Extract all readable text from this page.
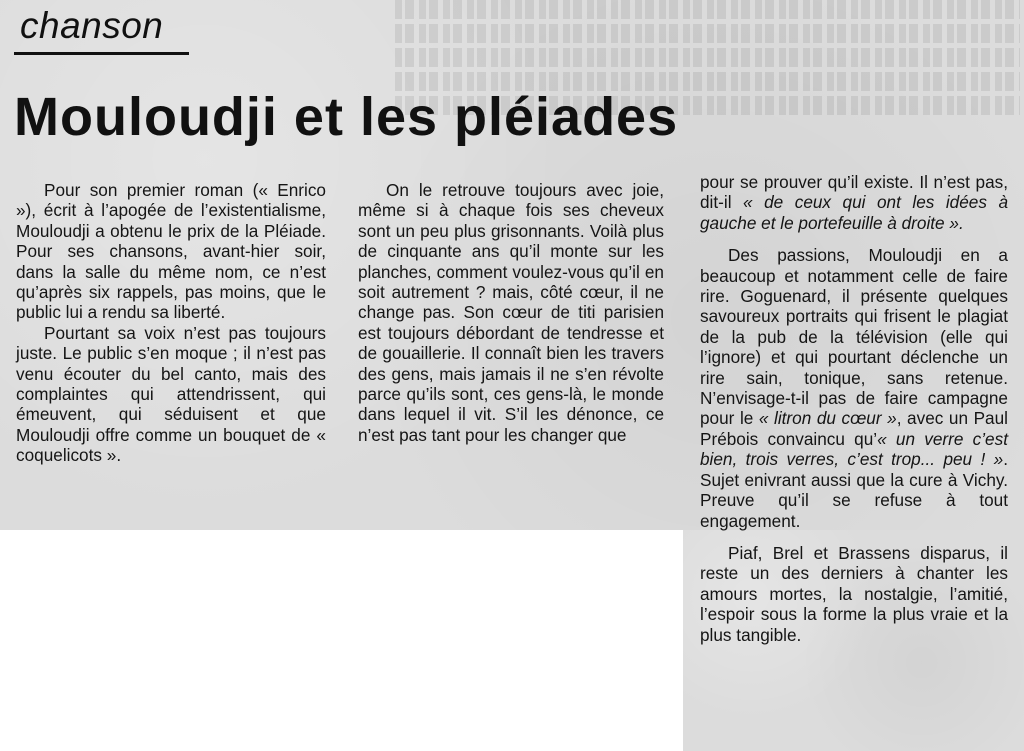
chanson
Mouloudji et les pléiades

Pour son premier roman (« Enrico »), écrit à l’apogée de l’existentialisme, Mouloudji a obtenu le prix de la Pléiade. Pour ses chansons, avant-hier soir, dans la salle du même nom, ce n’est qu’après six rappels, pas moins, que le public lui a rendu sa liberté.

Pourtant sa voix n’est pas toujours juste. Le public s’en moque ; il n’est pas venu écouter du bel canto, mais des complaintes qui attendrissent, qui émeuvent, qui séduisent et que Mouloudji offre comme un bouquet de « coquelicots ».

On le retrouve toujours avec joie, même si à chaque fois ses cheveux sont un peu plus grisonnants. Voilà plus de cinquante ans qu’il monte sur les planches, comment voulez-vous qu’il en soit autrement ? mais, côté cœur, il ne change pas. Son cœur de titi parisien est toujours débordant de tendresse et de gouaillerie. Il connaît bien les travers des gens, mais jamais il ne s’en révolte parce qu’ils sont, ces gens-là, le monde dans lequel il vit. S’il les dénonce, ce n’est pas tant pour les changer que

pour se prouver qu’il existe. Il n’est pas, dit-il « de ceux qui ont les idées à gauche et le portefeuille à droite ».

Des passions, Mouloudji en a beaucoup et notamment celle de faire rire. Goguenard, il présente quelques savoureux portraits qui frisent le plagiat de la pub de la télévision (elle qui l’ignore) et qui pourtant déclenche un rire sain, tonique, sans retenue. N’envisage-t-il pas de faire campagne pour le « litron du cœur », avec un Paul Prébois convaincu qu’« un verre c’est bien, trois verres, c’est trop... peu ! ». Sujet enivrant aussi que la cure à Vichy. Preuve qu’il se refuse à tout engagement.

Piaf, Brel et Brassens disparus, il reste un des derniers à chanter les amours mortes, la nostalgie, l’amitié, l’espoir sous la forme la plus vraie et la plus tangible.
